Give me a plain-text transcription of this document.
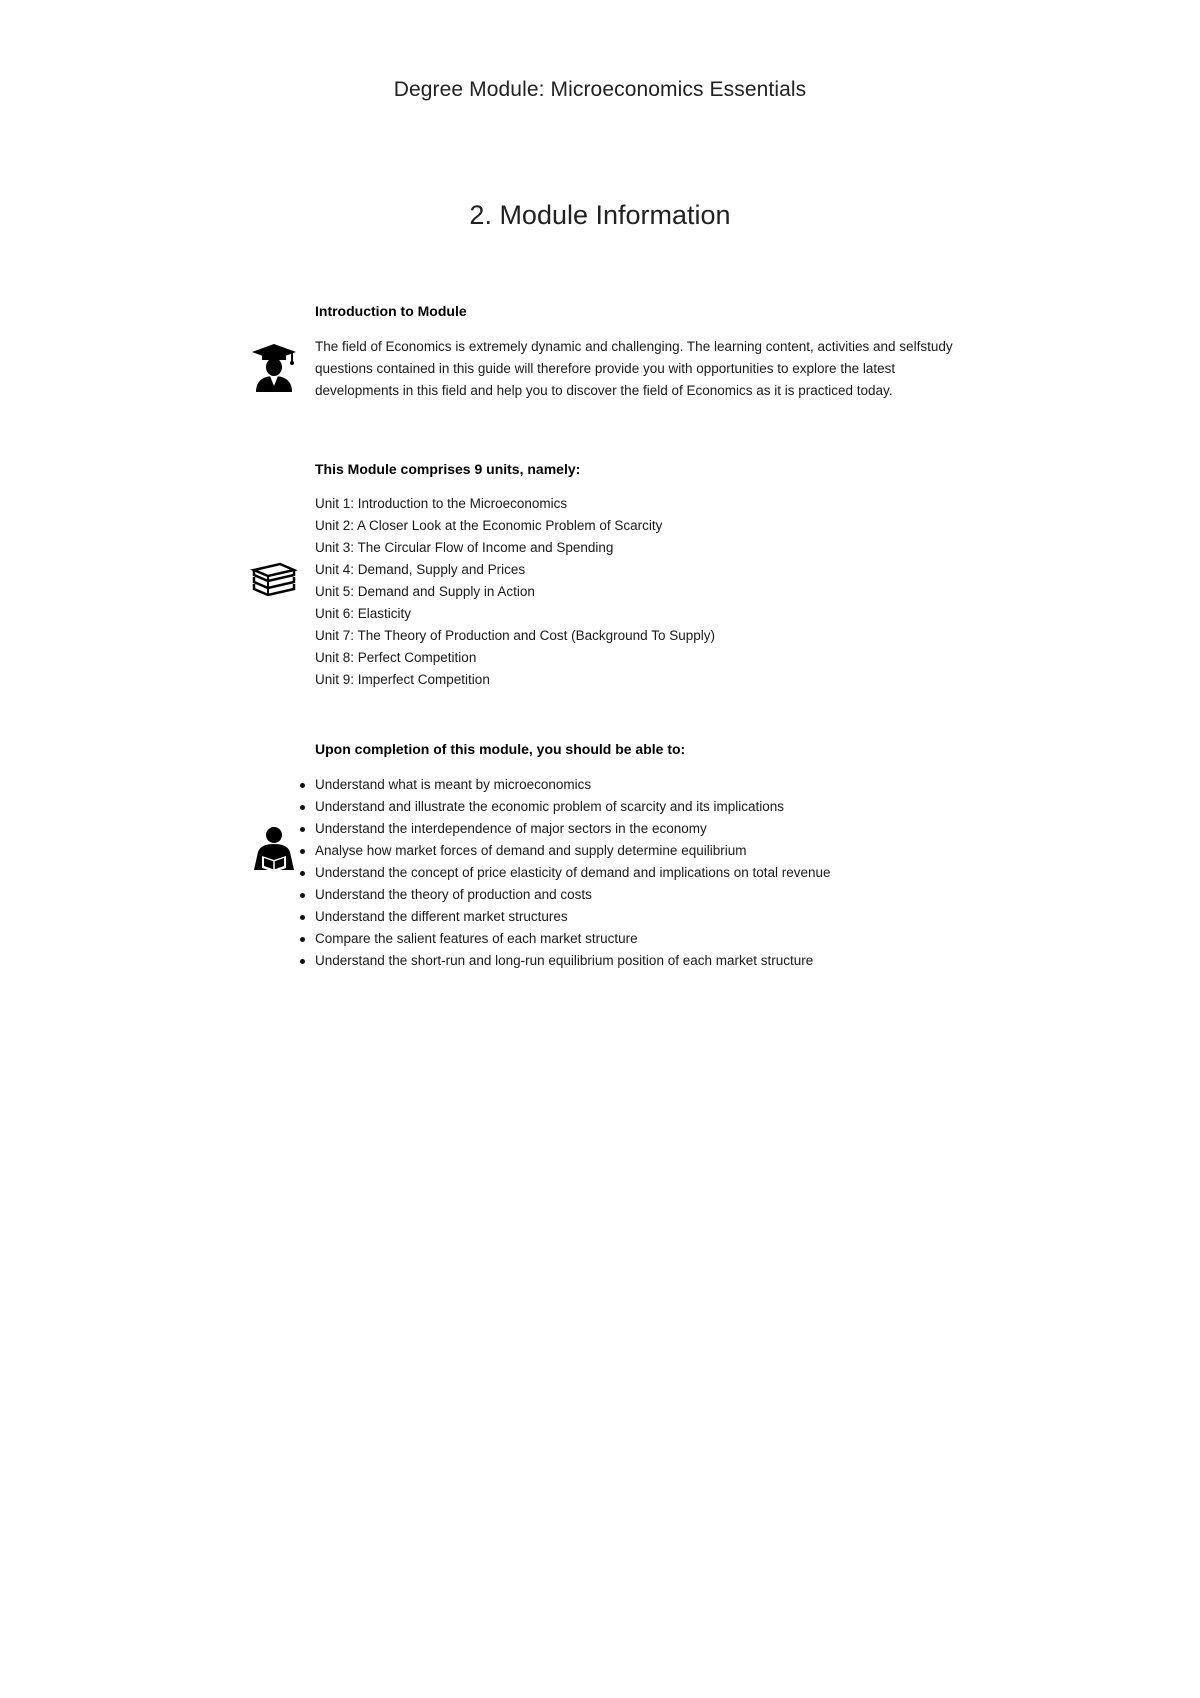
Degree Module: Microeconomics Essentials
2. Module Information
Introduction to Module
The field of Economics is extremely dynamic and challenging. The learning content, activities and selfstudy questions contained in this guide will therefore provide you with opportunities to explore the latest developments in this field and help you to discover the field of Economics as it is practiced today.
This Module comprises 9 units, namely:
Unit 1: Introduction to the Microeconomics
Unit 2: A Closer Look at the Economic Problem of Scarcity
Unit 3: The Circular Flow of Income and Spending
Unit 4: Demand, Supply and Prices
Unit 5: Demand and Supply in Action
Unit 6: Elasticity
Unit 7: The Theory of Production and Cost (Background To Supply)
Unit 8: Perfect Competition
Unit 9: Imperfect Competition
Upon completion of this module, you should be able to:
Understand what is meant by microeconomics
Understand and illustrate the economic problem of scarcity and its implications
Understand the interdependence of major sectors in the economy
Analyse how market forces of demand and supply determine equilibrium
Understand the concept of price elasticity of demand and implications on total revenue
Understand the theory of production and costs
Understand the different market structures
Compare the salient features of each market structure
Understand the short-run and long-run equilibrium position of each market structure
